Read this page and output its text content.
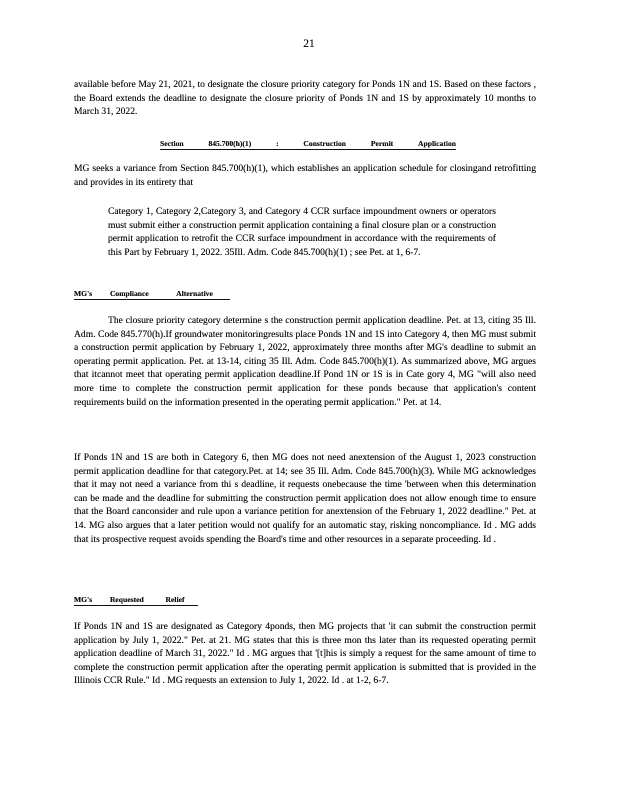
21

available before May 21, 2021, to designate the closure priority category for Ponds 1N and 1S. Based on these factors , the Board extends the deadline to designate the closure priority of Ponds 1N and 1S by approximately 10 months to March 31, 2022.

Section	845.700(h)(1)	:	Construction	Permit	Application

MG seeks a variance from Section 845.700(h)(1), which establishes an application schedule for closingand retrofitting and provides in its entirety that

Category 1, Category 2,Category 3, and Category 4 CCR surface impoundment owners or operators must submit either a construction permit application containing a final closure plan or a construction permit application to retrofit the CCR surface impoundment in accordance with the requirements of this Part by February 1, 2022. 35Ill. Adm. Code 845.700(h)(1) ; see Pet. at 1, 6-7.

MG's Compliance	Alternative

The closure priority category determine s the construction permit application deadline. Pet. at 13, citing 35 Ill. Adm. Code 845.770(h).If groundwater monitoringresults place Ponds 1N and 1S into Category 4, then MG must submit a construction permit application by February 1, 2022, approximately three months after MG's deadline to submit an operating permit application. Pet. at 13-14, citing 35 Ill. Adm. Code 845.700(h)(1). As summarized above, MG argues that itcannot meet that operating permit application deadline.If Pond 1N or 1S is in Cate gory 4, MG "will also need more time to complete the construction permit application for these ponds because that application's content requirements build on the information presented in the operating permit application." Pet. at 14.

If Ponds 1N and 1S are both in Category 6, then MG does not need anextension of the August 1, 2023 construction permit application deadline for that category.Pet. at 14; see 35 Ill. Adm. Code 845.700(h)(3). While MG acknowledges that it may not need a variance from thi s deadline, it requests onebecause the time 'between when this determination can be made and the deadline for submitting the construction permit application does not allow enough time to ensure that the Board canconsider and rule upon a variance petition for anextension of the February 1, 2022 deadline." Pet. at 14. MG also argues that a later petition would not qualify for an automatic stay, risking noncompliance. Id . MG adds that its prospective request avoids spending the Board's time and other resources in a separate proceeding. Id .

MG's Requested	Relief

If Ponds 1N and 1S are designated as Category 4ponds, then MG projects that 'it can submit the construction permit application by July 1, 2022." Pet. at 21. MG states that this is three mon ths later than its requested operating permit application deadline of March 31, 2022." Id . MG argues that '[t]his is simply a request for the same amount of time to complete the construction permit application after the operating permit application is submitted that is provided in the Illinois CCR Rule." Id . MG requests an extension to July 1, 2022. Id . at 1-2, 6-7.
